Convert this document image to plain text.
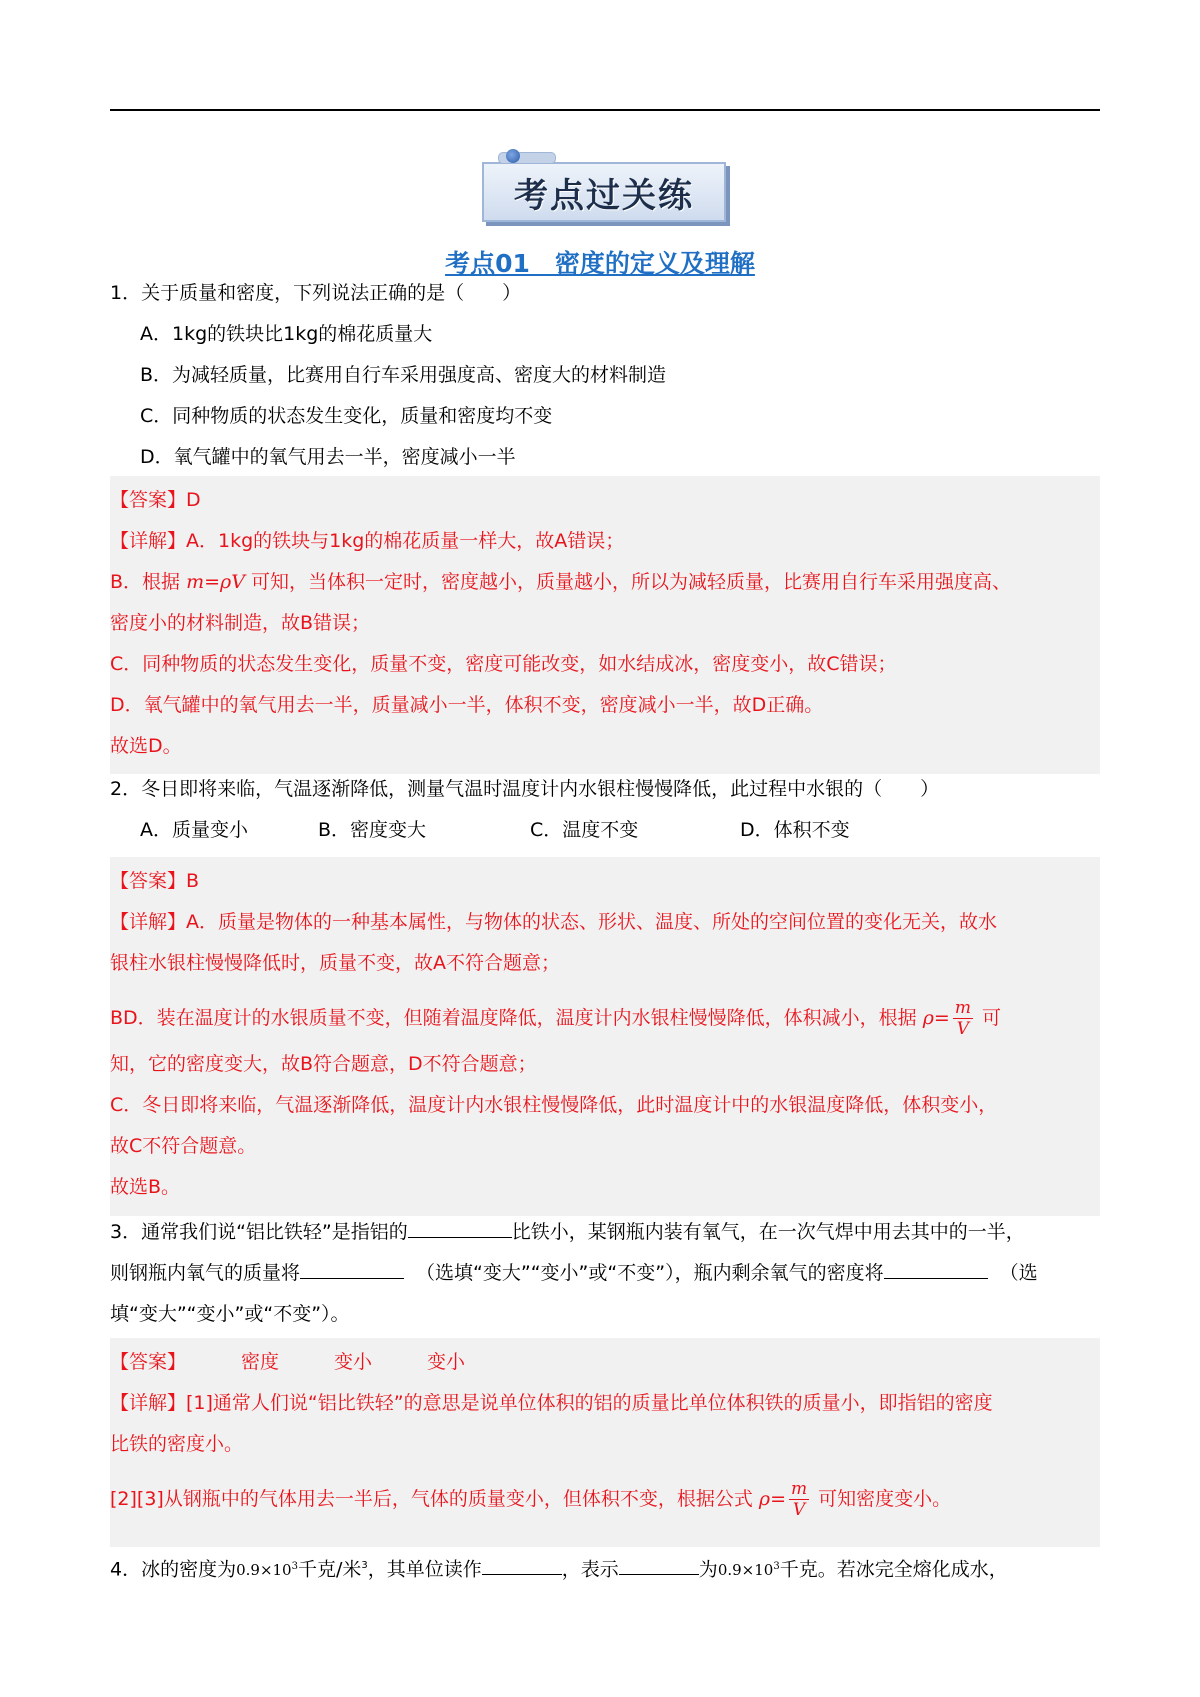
考点过关练
考点01　密度的定义及理解
1．关于质量和密度，下列说法正确的是（　　）
A．1kg的铁块比1kg的棉花质量大
B．为减轻质量，比赛用自行车采用强度高、密度大的材料制造
C．同种物质的状态发生变化，质量和密度均不变
D．氧气罐中的氧气用去一半，密度减小一半
【答案】D
【详解】A．1kg的铁块与1kg的棉花质量一样大，故A错误；
B．根据 m=ρV 可知，当体积一定时，密度越小，质量越小，所以为减轻质量，比赛用自行车采用强度高、
密度小的材料制造，故B错误；
C．同种物质的状态发生变化，质量不变，密度可能改变，如水结成冰，密度变小，故C错误；
D．氧气罐中的氧气用去一半，质量减小一半，体积不变，密度减小一半，故D正确。
故选D。
2．冬日即将来临，气温逐渐降低，测量气温时温度计内水银柱慢慢降低，此过程中水银的（　　）
A．质量变小	B．密度变大	C．温度不变	D．体积不变
【答案】B
【详解】A．质量是物体的一种基本属性，与物体的状态、形状、温度、所处的空间位置的变化无关，故水
银柱水银柱慢慢降低时，质量不变，故A不符合题意；
BD．装在温度计的水银质量不变，但随着温度降低，温度计内水银柱慢慢降低，体积减小，根据 $\rho= \frac{m}{V}$ 可
知，它的密度变大，故B符合题意，D不符合题意；
C．冬日即将来临，气温逐渐降低，温度计内水银柱慢慢降低，此时温度计中的水银温度降低，体积变小，
故C不符合题意。
故选B。
3．通常我们说“铝比铁轻”是指铝的	比铁小，某钢瓶内装有氧气，在一次气焊中用去其中的一半，
则钢瓶内氧气的质量将	（选填“变大”“变小”或“不变”），瓶内剩余氧气的密度将	（选
填“变大”“变小”或“不变”）。
【答案】	密度	变小	变小
【详解】[1]通常人们说“铝比铁轻”的意思是说单位体积的铝的质量比单位体积铁的质量小，即指铝的密度
比铁的密度小。
[2][3]从钢瓶中的气体用去一半后，气体的质量变小，但体积不变，根据公式 $\rho= \frac{m}{V}$ 可知密度变小。
4．冰的密度为$0.9\times 10^3$千克/米$^3$，其单位读作	，表示	为$0.9\times 10^3$千克。若冰完全熔化成水，
